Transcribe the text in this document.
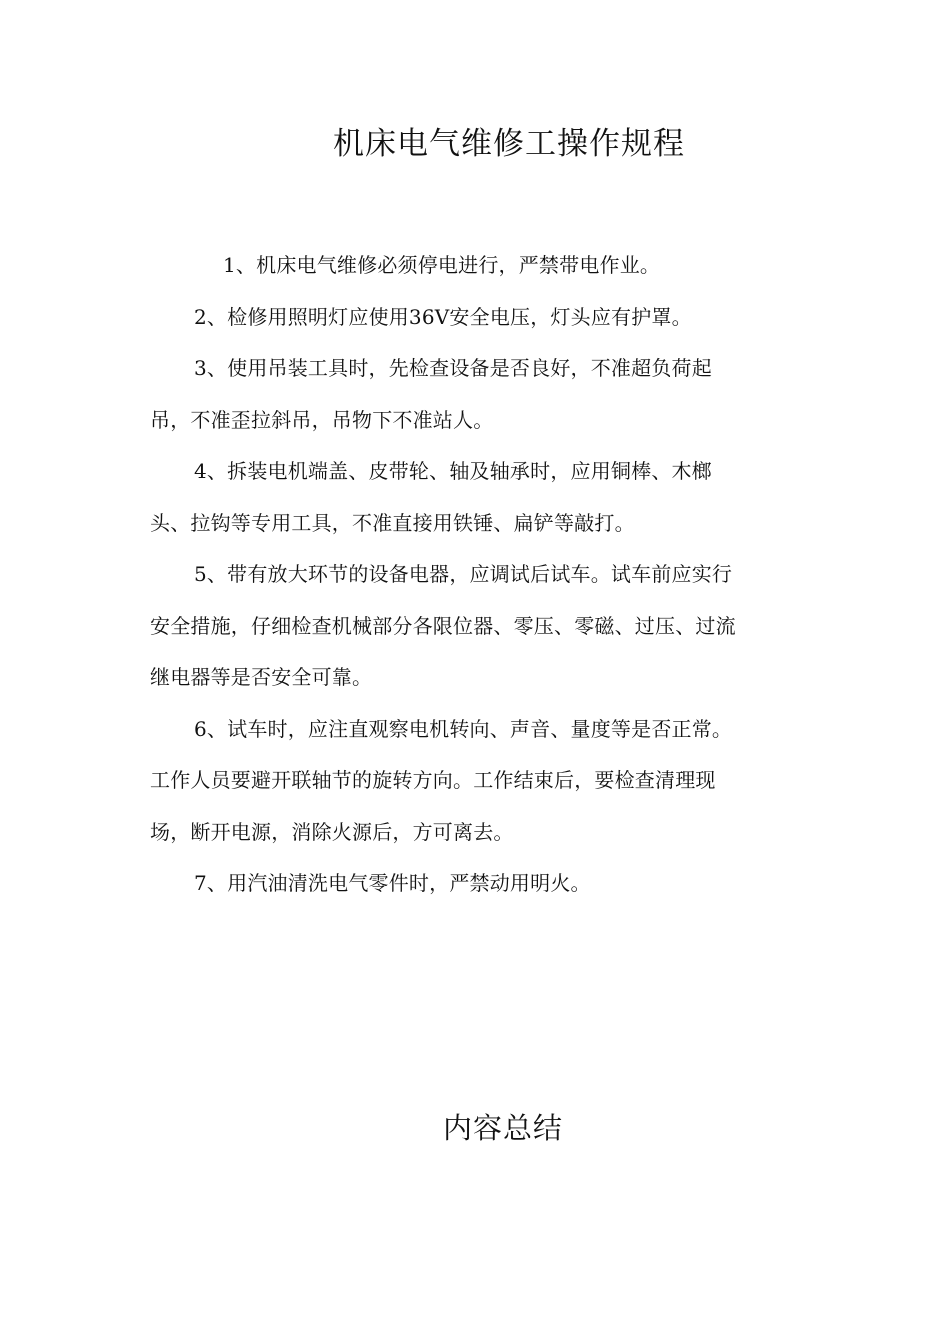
机床电气维修工操作规程

1、机床电气维修必须停电进行，严禁带电作业。

2、检修用照明灯应使用36V安全电压，灯头应有护罩。

3、使用吊装工具时，先检查设备是否良好，不准超负荷起
吊，不准歪拉斜吊，吊物下不准站人。

4、拆装电机端盖、皮带轮、轴及轴承时，应用铜棒、木榔
头、拉钩等专用工具，不准直接用铁锤、扁铲等敲打。

5、带有放大环节的设备电器，应调试后试车。试车前应实行
安全措施，仔细检查机械部分各限位器、零压、零磁、过压、过流
继电器等是否安全可靠。

6、试车时，应注直观察电机转向、声音、量度等是否正常。
工作人员要避开联轴节的旋转方向。工作结束后，要检查清理现
场，断开电源，消除火源后，方可离去。

7、用汽油清洗电气零件时，严禁动用明火。

内容总结
